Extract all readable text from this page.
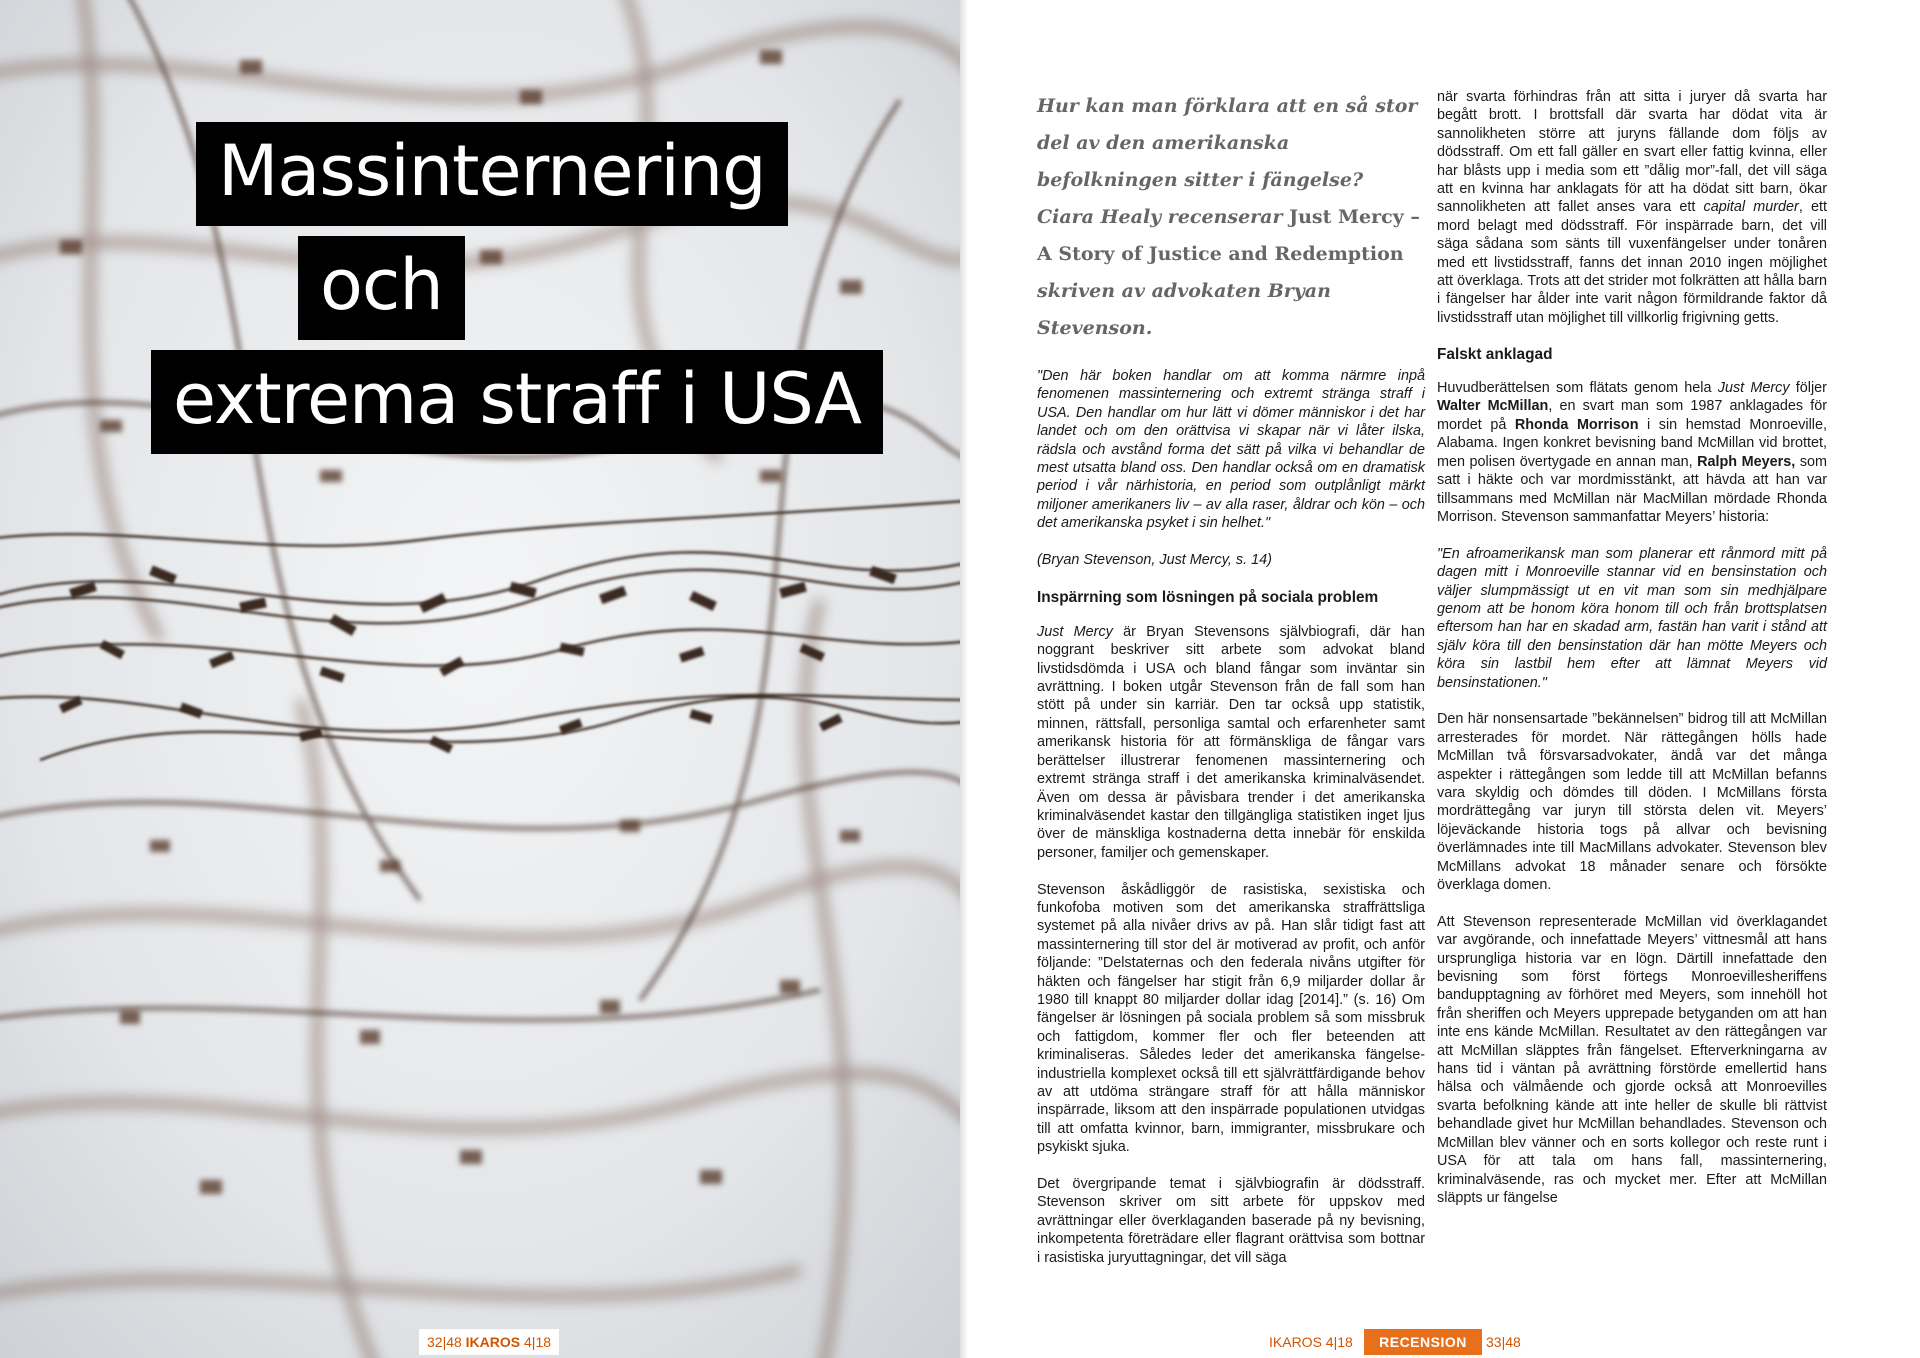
Massinternering
och
extrema straff i USA
32|48 IKAROS 4|18
Hur kan man förklara att en så stor del av den amerikanska befolkningen sitter i fängelse? Ciara Healy recenserar Just Mercy – A Story of Justice and Redemption skriven av advokaten Bryan Stevenson.

"Den här boken handlar om att komma närmre inpå fenomenen massinternering och extremt stränga straff i USA. Den handlar om hur lätt vi dömer människor i det har landet och om den orättvisa vi skapar när vi låter ilska, rädsla och avstånd forma det sätt på vilka vi behandlar de mest utsatta bland oss. Den handlar också om en dramatisk period i vår närhistoria, en period som outplånligt märkt miljoner amerikaners liv – av alla raser, åldrar och kön – och det amerikanska psyket i sin helhet."

(Bryan Stevenson, Just Mercy, s. 14)

Inspärrning som lösningen på sociala problem

Just Mercy är Bryan Stevensons självbiografi, där han noggrant beskriver sitt arbete som advokat bland livstidsdömda i USA och bland fångar som inväntar sin avrättning. I boken utgår Stevenson från de fall som han stött på under sin karriär. Den tar också upp statistik, minnen, rättsfall, personliga samtal och erfarenheter samt amerikansk historia för att förmänskliga de fångar vars berättelser illustrerar fenomenen massinternering och extremt stränga straff i det amerikanska kriminalväsendet. Även om dessa är påvisbara trender i det amerikanska kriminalväsendet kastar den tillgängliga statistiken inget ljus över de mänskliga kostnaderna detta innebär för enskilda personer, familjer och gemenskaper.

Stevenson åskådliggör de rasistiska, sexistiska och funkofoba motiven som det amerikanska straffrättsliga systemet på alla nivåer drivs av på. Han slår tidigt fast att massinternering till stor del är motiverad av profit, och anför följande: ”Delstaternas och den federala nivåns utgifter för häkten och fängelser har stigit från 6,9 miljarder dollar år 1980 till knappt 80 miljarder dollar idag [2014].” (s. 16) Om fängelser är lösningen på sociala problem så som missbruk och fattigdom, kommer fler och fler beteenden att kriminaliseras. Således leder det amerikanska fängelse-industriella komplexet också till ett självrättfärdigande behov av att utdöma strängare straff för att hålla människor inspärrade, liksom att den inspärrade populationen utvidgas till att omfatta kvinnor, barn, immigranter, missbrukare och psykiskt sjuka.

Det övergripande temat i självbiografin är dödsstraff. Stevenson skriver om sitt arbete för uppskov med avrättningar eller överklaganden baserade på ny bevisning, inkompetenta företrädare eller flagrant orättvisa som bottnar i rasistiska juryuttagningar, det vill säga

när svarta förhindras från att sitta i juryer då svarta har begått brott. I brottsfall där svarta har dödat vita är sannolikheten större att juryns fällande dom följs av dödsstraff. Om ett fall gäller en svart eller fattig kvinna, eller har blåsts upp i media som ett ”dålig mor”-fall, det vill säga att en kvinna har anklagats för att ha dödat sitt barn, ökar sannolikheten att fallet anses vara ett capital murder, ett mord belagt med dödsstraff. För inspärrade barn, det vill säga sådana som sänts till vuxenfängelser under tonåren med ett livstidsstraff, fanns det innan 2010 ingen möjlighet att överklaga. Trots att det strider mot folkrätten att hålla barn i fängelser har ålder inte varit någon förmildrande faktor då livstidsstraff utan möjlighet till villkorlig frigivning getts.

Falskt anklagad

Huvudberättelsen som flätats genom hela Just Mercy följer Walter McMillan, en svart man som 1987 anklagades för mordet på Rhonda Morrison i sin hemstad Monroeville, Alabama. Ingen konkret bevisning band McMillan vid brottet, men polisen övertygade en annan man, Ralph Meyers, som satt i häkte och var mordmisstänkt, att hävda att han var tillsammans med McMillan när MacMillan mördade Rhonda Morrison. Stevenson sammanfattar Meyers’ historia:

"En afroamerikansk man som planerar ett rånmord mitt på dagen mitt i Monroeville stannar vid en bensinstation och väljer slumpmässigt ut en vit man som sin medhjälpare genom att be honom köra honom till och från brottsplatsen eftersom han har en skadad arm, fastän han varit i stånd att själv köra till den bensinstation där han mötte Meyers och köra sin lastbil hem efter att lämnat Meyers vid bensinstationen."

Den här nonsensartade ”bekännelsen” bidrog till att McMillan arresterades för mordet. När rättegången hölls hade McMillan två försvarsadvokater, ändå var det många aspekter i rättegången som ledde till att McMillan befanns vara skyldig och dömdes till döden. I McMillans första mordrättegång var juryn till största delen vit. Meyers’ löjeväckande historia togs på allvar och bevisning överlämnades inte till MacMillans advokater. Stevenson blev McMillans advokat 18 månader senare och försökte överklaga domen.

Att Stevenson representerade McMillan vid överklagandet var avgörande, och innefattade Meyers’ vittnesmål att hans ursprungliga historia var en lögn. Därtill innefattade den bevisning som först förtegs Monroevillesheriffens bandupptagning av förhöret med Meyers, som innehöll hot från sheriffen och Meyers upprepade betyganden om att han inte ens kände McMillan. Resultatet av den rättegången var att McMillan släpptes från fängelset. Efterverkningarna av hans tid i väntan på avrättning förstörde emellertid hans hälsa och välmående och gjorde också att Monroevilles svarta befolkning kände att inte heller de skulle bli rättvist behandlade givet hur McMillan behandlades. Stevenson och McMillan blev vänner och en sorts kollegor och reste runt i USA för att tala om hans fall, massinternering, kriminalväsende, ras och mycket mer. Efter att McMillan släppts ur fängelse

IKAROS 4|18	RECENSION	33|48
